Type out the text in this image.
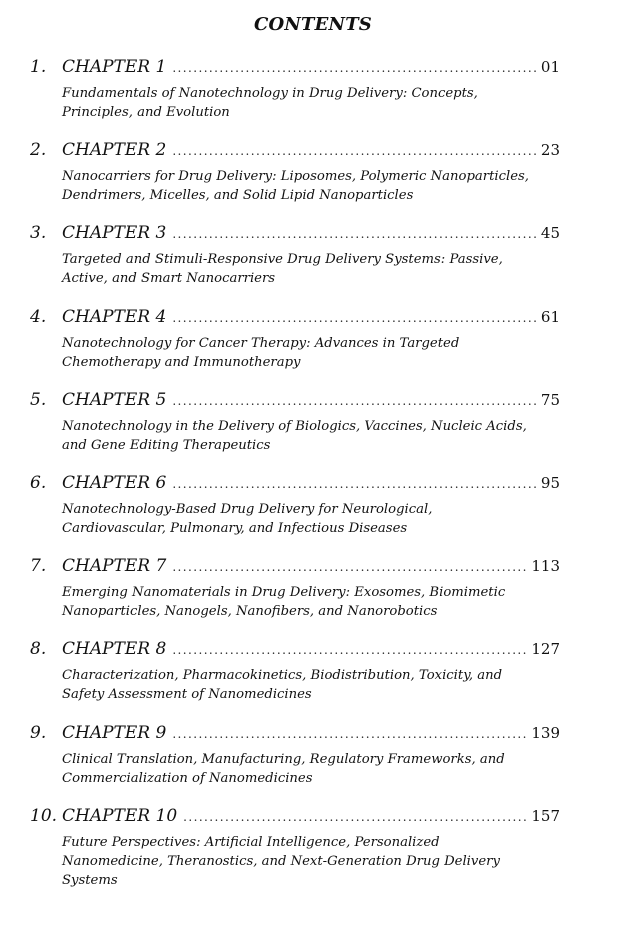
CONTENTS
1. CHAPTER 1 . . .	01
Fundamentals of Nanotechnology in Drug Delivery: Concepts,
Principles, and Evolution
2. CHAPTER 2 . . .	23
Nanocarriers for Drug Delivery: Liposomes, Polymeric Nanoparticles,
Dendrimers, Micelles, and Solid Lipid Nanoparticles
3. CHAPTER 3 . . .	45
Targeted and Stimuli-Responsive Drug Delivery Systems: Passive,
Active, and Smart Nanocarriers
4. CHAPTER 4 . . .	61
Nanotechnology for Cancer Therapy: Advances in Targeted
Chemotherapy and Immunotherapy
5. CHAPTER 5 . . .	75
Nanotechnology in the Delivery of Biologics, Vaccines, Nucleic Acids,
and Gene Editing Therapeutics
6. CHAPTER 6 . . .	95
Nanotechnology-Based Drug Delivery for Neurological,
Cardiovascular, Pulmonary, and Infectious Diseases
7. CHAPTER 7 . . .	113
Emerging Nanomaterials in Drug Delivery: Exosomes, Biomimetic
Nanoparticles, Nanogels, Nanofibers, and Nanorobotics
8. CHAPTER 8 . . .	127
Characterization, Pharmacokinetics, Biodistribution, Toxicity, and
Safety Assessment of Nanomedicines
9. CHAPTER 9 . . .	139
Clinical Translation, Manufacturing, Regulatory Frameworks, and
Commercialization of Nanomedicines
10. CHAPTER 10 . . .	157
Future Perspectives: Artificial Intelligence, Personalized
Nanomedicine, Theranostics, and Next-Generation Drug Delivery
Systems
